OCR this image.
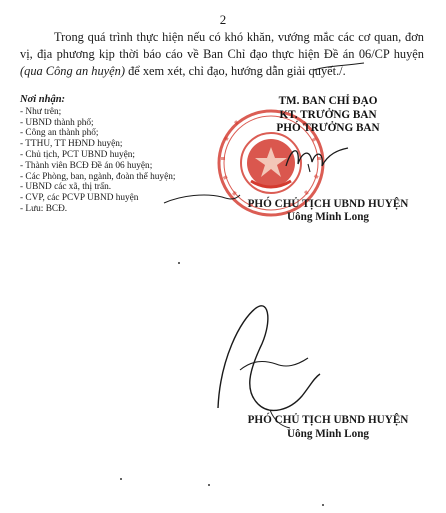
2
Trong quá trình thực hiện nếu có khó khăn, vướng mắc các cơ quan, đơn vị, địa phương kịp thời báo cáo về Ban Chỉ đạo thực hiện Đề án 06/CP huyện (qua Công an huyện) để xem xét, chỉ đạo, hướng dẫn giải quyết./.
Nơi nhận:
- Như trên;
- UBND thành phố;
- Công an thành phố;
- TTHU, TT HĐND huyện;
- Chủ tịch, PCT UBND huyện;
- Thành viên BCĐ Đề án 06 huyện;
- Các Phòng, ban, ngành, đoàn thể huyện;
- UBND các xã, thị trấn.
- CVP, các PCVP UBND huyện
- Lưu: BCĐ.
TM. BAN CHỈ ĐẠO
KT. TRƯỞNG BAN
PHÓ TRƯỞNG BAN
PHÓ CHỦ TỊCH UBND HUYỆN
Uông Minh Long
PHÓ CHỦ TỊCH UBND HUYỆN
Uông Minh Long
